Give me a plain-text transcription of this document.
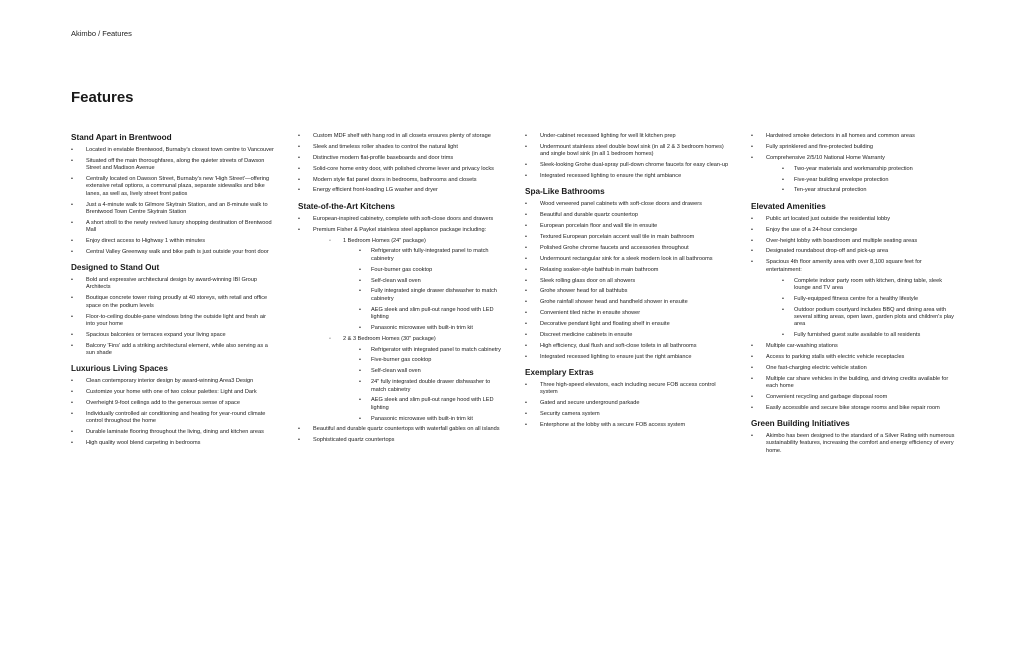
Akimbo / Features
Features
Stand Apart in Brentwood
• Located in enviable Brentwood, Burnaby's closest town centre to Vancouver
• Situated off the main thoroughfares, along the quieter streets of Dawson Street and Madison Avenue
• Centrally located on Dawson Street, Burnaby's new 'High Street'—offering extensive retail options, a communal plaza, separate sidewalks and bike lanes, as well as, lively street front patios
• Just a 4-minute walk to Gilmore Skytrain Station, and an 8-minute walk to Brentwood Town Centre Skytrain Station
• A short stroll to the newly revived luxury shopping destination of Brentwood Mall
• Enjoy direct access to Highway 1 within minutes
• Central Valley Greenway walk and bike path is just outside your front door
Designed to Stand Out
• Bold and expressive architectural design by award-winning IBI Group Architects
• Boutique concrete tower rising proudly at 40 storeys, with retail and office space on the podium levels
• Floor-to-ceiling double-pane windows bring the outside light and fresh air into your home
• Spacious balconies or terraces expand your living space
• Balcony 'Fins' add a striking architectural element, while also serving as a sun shade
Luxurious Living Spaces
• Clean contemporary interior design by award-winning Area3 Design
• Customize your home with one of two colour palettes: Light and Dark
• Overheight 9-foot ceilings add to the generous sense of space
• Individually controlled air conditioning and heating for year-round climate control throughout the home
• Durable laminate flooring throughout the living, dining and kitchen areas
• High quality wool blend carpeting in bedrooms
• Custom MDF shelf with hang rod in all closets ensures plenty of storage
• Sleek and timeless roller shades to control the natural light
• Distinctive modern flat-profile baseboards and door trims
• Solid-core home entry door, with polished chrome lever and privacy locks
• Modern style flat panel doors in bedrooms, bathrooms and closets
• Energy efficient front-loading LG washer and dryer
State-of-the-Art Kitchens
• European-inspired cabinetry, complete with soft-close doors and drawers
• Premium Fisher & Paykel stainless steel appliance package including:
◦ 1 Bedroom Homes (24" package)
• Refrigerator with fully-integrated panel to match cabinetry
• Four-burner gas cooktop
• Self-clean wall oven
• Fully integrated single drawer dishwasher to match cabinetry
• AEG sleek and slim pull-out range hood with LED lighting
• Panasonic microwave with built-in trim kit
◦ 2 & 3 Bedroom Homes (30" package)
• Refrigerator with integrated panel to match cabinetry
• Five-burner gas cooktop
• Self-clean wall oven
• 24" fully integrated double drawer dishwasher to match cabinetry
• AEG sleek and slim pull-out range hood with LED lighting
• Panasonic microwave with built-in trim kit
• Beautiful and durable quartz countertops with waterfall gables on all islands
• Sophisticated quartz countertops
• Under-cabinet recessed lighting for well lit kitchen prep
• Undermount stainless steel double bowl sink (in all 2 & 3 bedroom homes) and single bowl sink (in all 1 bedroom homes)
• Sleek-looking Grohe dual-spray pull-down chrome faucets for easy clean-up
• Integrated recessed lighting to ensure the right ambiance
Spa-Like Bathrooms
• Wood veneered panel cabinets with soft-close doors and drawers
• Beautiful and durable quartz countertop
• European porcelain floor and wall tile in ensuite
• Textured European porcelain accent wall tile in main bathroom
• Polished Grohe chrome faucets and accessories throughout
• Undermount rectangular sink for a sleek modern look in all bathrooms
• Relaxing soaker-style bathtub in main bathroom
• Sleek rolling glass door on all showers
• Grohe shower head for all bathtubs
• Grohe rainfall shower head and handheld shower in ensuite
• Convenient tiled niche in ensuite shower
• Decorative pendant light and floating shelf in ensuite
• Discreet medicine cabinets in ensuite
• High efficiency, dual flush and soft-close toilets in all bathrooms
• Integrated recessed lighting to ensure just the right ambiance
Exemplary Extras
• Three high-speed elevators, each including secure FOB access control system
• Gated and secure underground parkade
• Security camera system
• Enterphone at the lobby with a secure FOB access system
• Hardwired smoke detectors in all homes and common areas
• Fully sprinklered and fire-protected building
• Comprehensive 2/5/10 National Home Warranty
• Two-year materials and workmanship protection
• Five-year building envelope protection
• Ten-year structural protection
Elevated Amenities
• Public art located just outside the residential lobby
• Enjoy the use of a 24-hour concierge
• Over-height lobby with boardroom and multiple seating areas
• Designated roundabout drop-off and pick-up area
• Spacious 4th floor amenity area with over 8,100 square feet for entertainment:
• Complete indoor party room with kitchen, dining table, sleek lounge and TV area
• Fully-equipped fitness centre for a healthy lifestyle
• Outdoor podium courtyard includes BBQ and dining area with several sitting areas, open lawn, garden plots and children's play area
• Fully furnished guest suite available to all residents
• Multiple car-washing stations
• Access to parking stalls with electric vehicle receptacles
• One fast-charging electric vehicle station
• Multiple car share vehicles in the building, and driving credits available for each home
• Convenient recycling and garbage disposal room
• Easily accessible and secure bike storage rooms and bike repair room
Green Building Initiatives
• Akimbo has been designed to the standard of a Silver Rating with numerous sustainability features, increasing the comfort and energy efficiency of every home.
